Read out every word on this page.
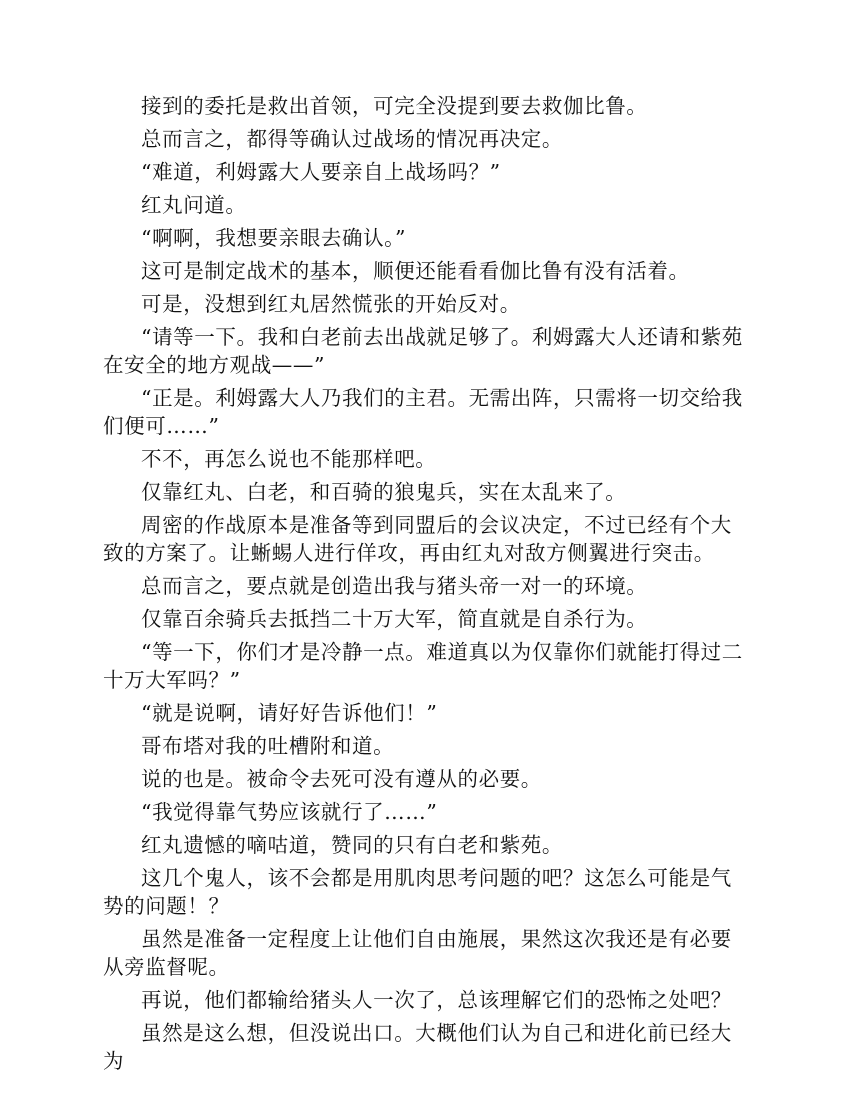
接到的委托是救出首领，可完全没提到要去救伽比鲁。

总而言之，都得等确认过战场的情况再决定。

“难道，利姆露大人要亲自上战场吗？”

红丸问道。

“啊啊，我想要亲眼去确认。”

这可是制定战术的基本，顺便还能看看伽比鲁有没有活着。

可是，没想到红丸居然慌张的开始反对。

“请等一下。我和白老前去出战就足够了。利姆露大人还请和紫苑在安全的地方观战——”

“正是。利姆露大人乃我们的主君。无需出阵，只需将一切交给我们便可……”

不不，再怎么说也不能那样吧。

仅靠红丸、白老，和百骑的狼鬼兵，实在太乱来了。

周密的作战原本是准备等到同盟后的会议决定，不过已经有个大致的方案了。让蜥蜴人进行佯攻，再由红丸对敌方侧翼进行突击。

总而言之，要点就是创造出我与猪头帝一对一的环境。

仅靠百余骑兵去抵挡二十万大军，简直就是自杀行为。

“等一下，你们才是冷静一点。难道真以为仅靠你们就能打得过二十万大军吗？”

“就是说啊，请好好告诉他们！”

哥布塔对我的吐槽附和道。

说的也是。被命令去死可没有遵从的必要。

“我觉得靠气势应该就行了……”

红丸遗憾的嘀咕道，赞同的只有白老和紫苑。

这几个鬼人，该不会都是用肌肉思考问题的吧？这怎么可能是气势的问题！？

虽然是准备一定程度上让他们自由施展，果然这次我还是有必要从旁监督呢。

再说，他们都输给猪头人一次了，总该理解它们的恐怖之处吧？

虽然是这么想，但没说出口。大概他们认为自己和进化前已经大为
